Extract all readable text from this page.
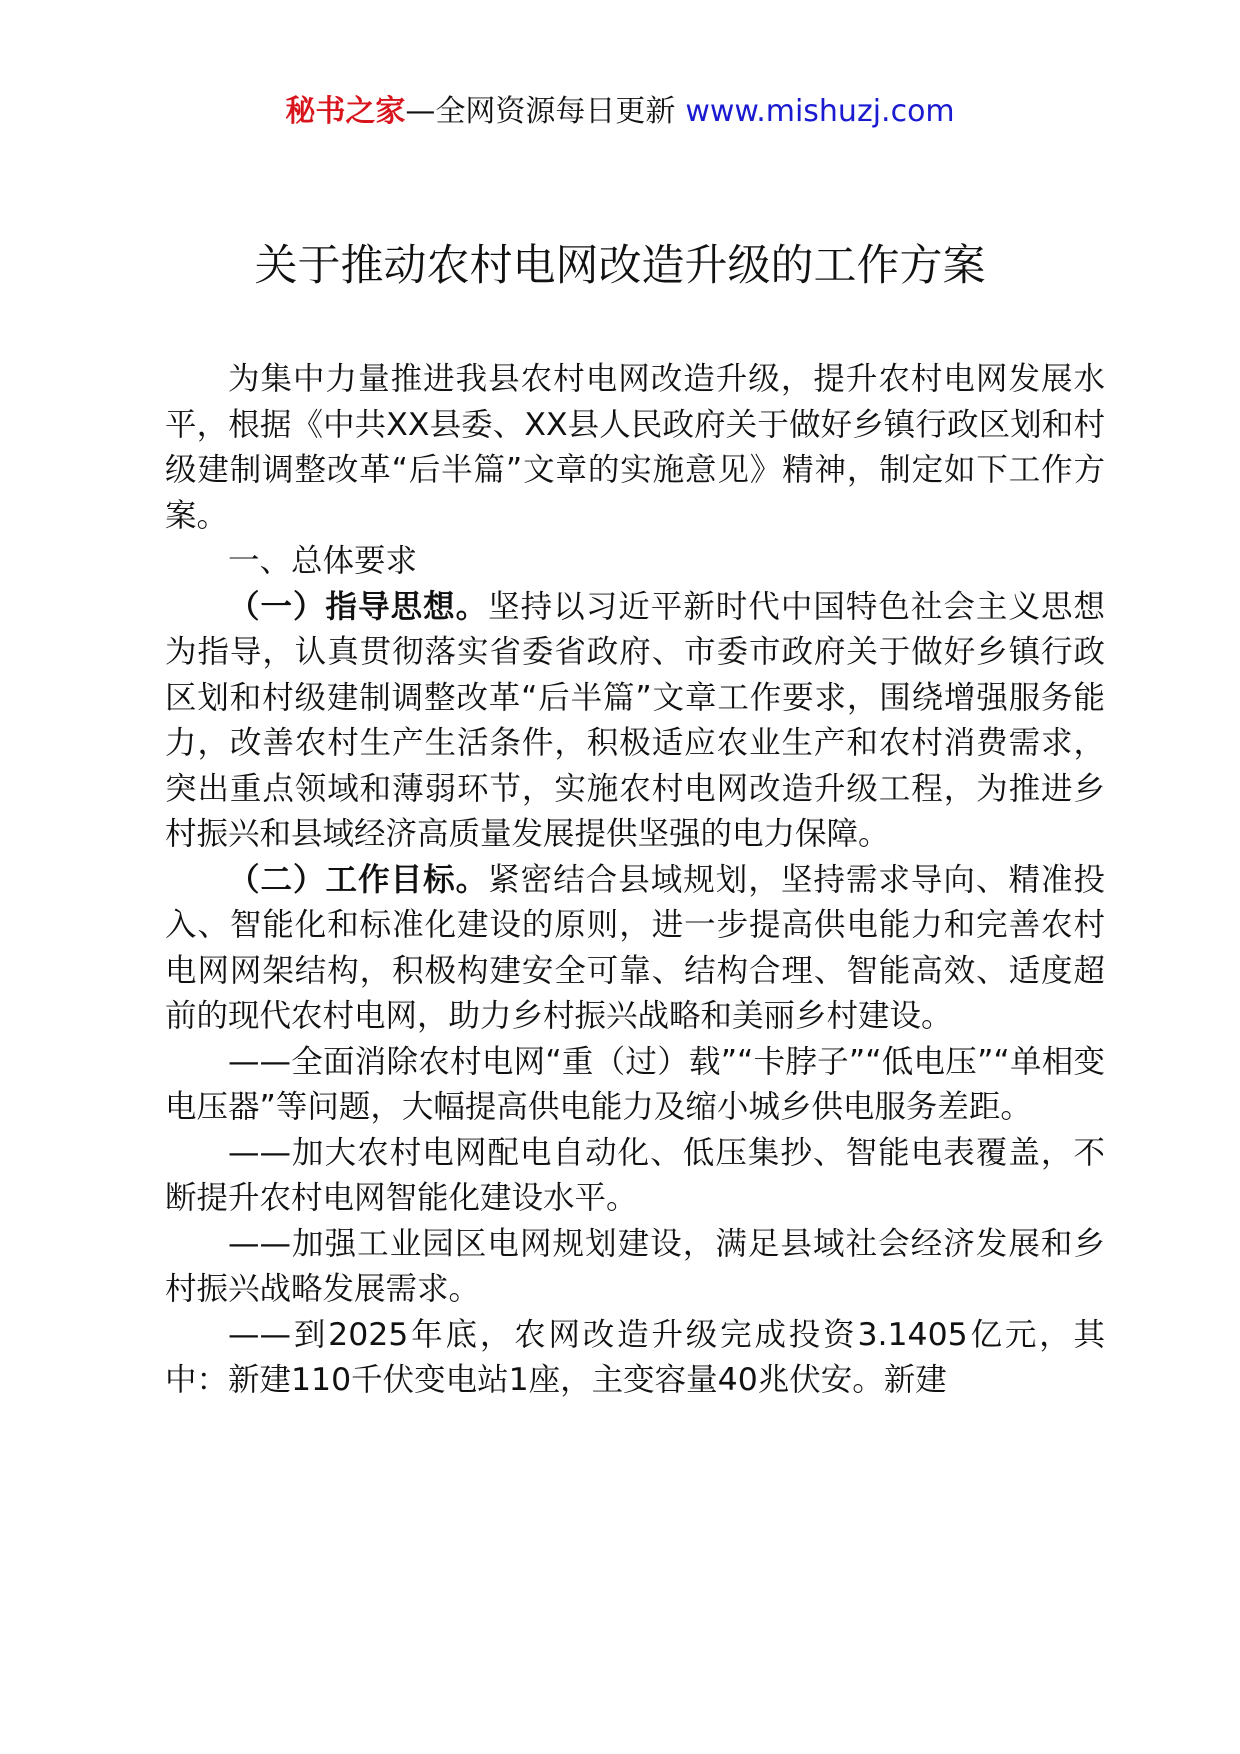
秘书之家—全网资源每日更新 www.mishuzj.com
关于推动农村电网改造升级的工作方案

为集中力量推进我县农村电网改造升级，提升农村电网发展水平，根据《中共XX县委、XX县人民政府关于做好乡镇行政区划和村级建制调整改革“后半篇”文章的实施意见》精神，制定如下工作方案。

一、总体要求

（一）指导思想。坚持以习近平新时代中国特色社会主义思想为指导，认真贯彻落实省委省政府、市委市政府关于做好乡镇行政区划和村级建制调整改革“后半篇”文章工作要求，围绕增强服务能力，改善农村生产生活条件，积极适应农业生产和农村消费需求，突出重点领域和薄弱环节，实施农村电网改造升级工程，为推进乡村振兴和县域经济高质量发展提供坚强的电力保障。

（二）工作目标。紧密结合县域规划，坚持需求导向、精准投入、智能化和标准化建设的原则，进一步提高供电能力和完善农村电网网架结构，积极构建安全可靠、结构合理、智能高效、适度超前的现代农村电网，助力乡村振兴战略和美丽乡村建设。

——全面消除农村电网“重（过）载”“卡脖子”“低电压”“单相变电压器”等问题，大幅提高供电能力及缩小城乡供电服务差距。

——加大农村电网配电自动化、低压集抄、智能电表覆盖，不断提升农村电网智能化建设水平。

——加强工业园区电网规划建设，满足县域社会经济发展和乡村振兴战略发展需求。

——到2025年底，农网改造升级完成投资3.1405亿元，其中：新建110千伏变电站1座，主变容量40兆伏安。新建
